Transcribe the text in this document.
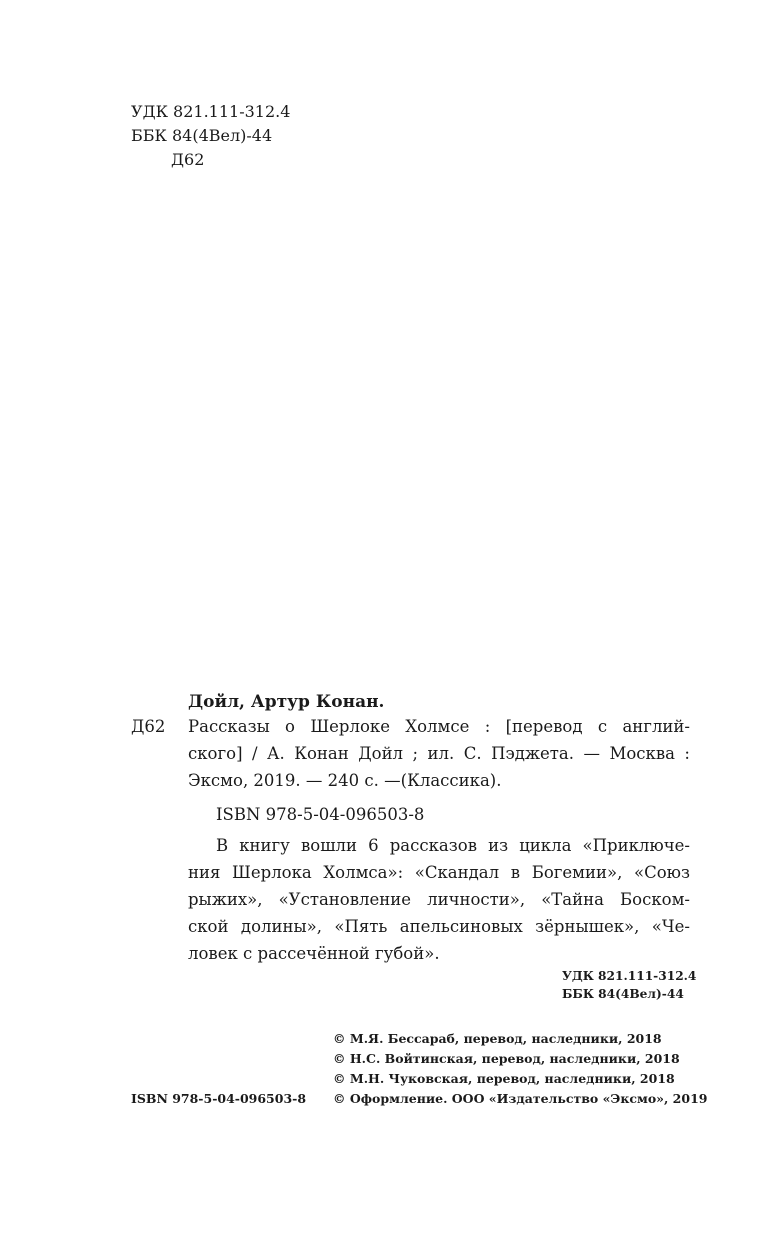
УДК 821.111-312.4
ББК 84(4Вел)-44
Д62
Дойл, Артур Конан.
Д62 Рассказы о Шерлоке Холмсе : [перевод с англий-
ского] / А. Конан Дойл ; ил. С. Пэджета. — Москва :
Эксмо, 2019. — 240 с. —(Классика).
ISBN 978-5-04-096503-8
В книгу вошли 6 рассказов из цикла «Приключе-
ния Шерлока Холмса»: «Скандал в Богемии», «Союз
рыжих», «Установление личности», «Тайна Боском-
ской долины», «Пять апельсиновых зёрнышек», «Че-
ловек с рассечённой губой».
УДК 821.111-312.4
ББК 84(4Вел)-44
© М.Я. Бессараб, перевод, наследники, 2018
© Н.С. Войтинская, перевод, наследники, 2018
© М.Н. Чуковская, перевод, наследники, 2018
© Оформление. ООО «Издательство «Эксмо», 2019
ISBN 978-5-04-096503-8
